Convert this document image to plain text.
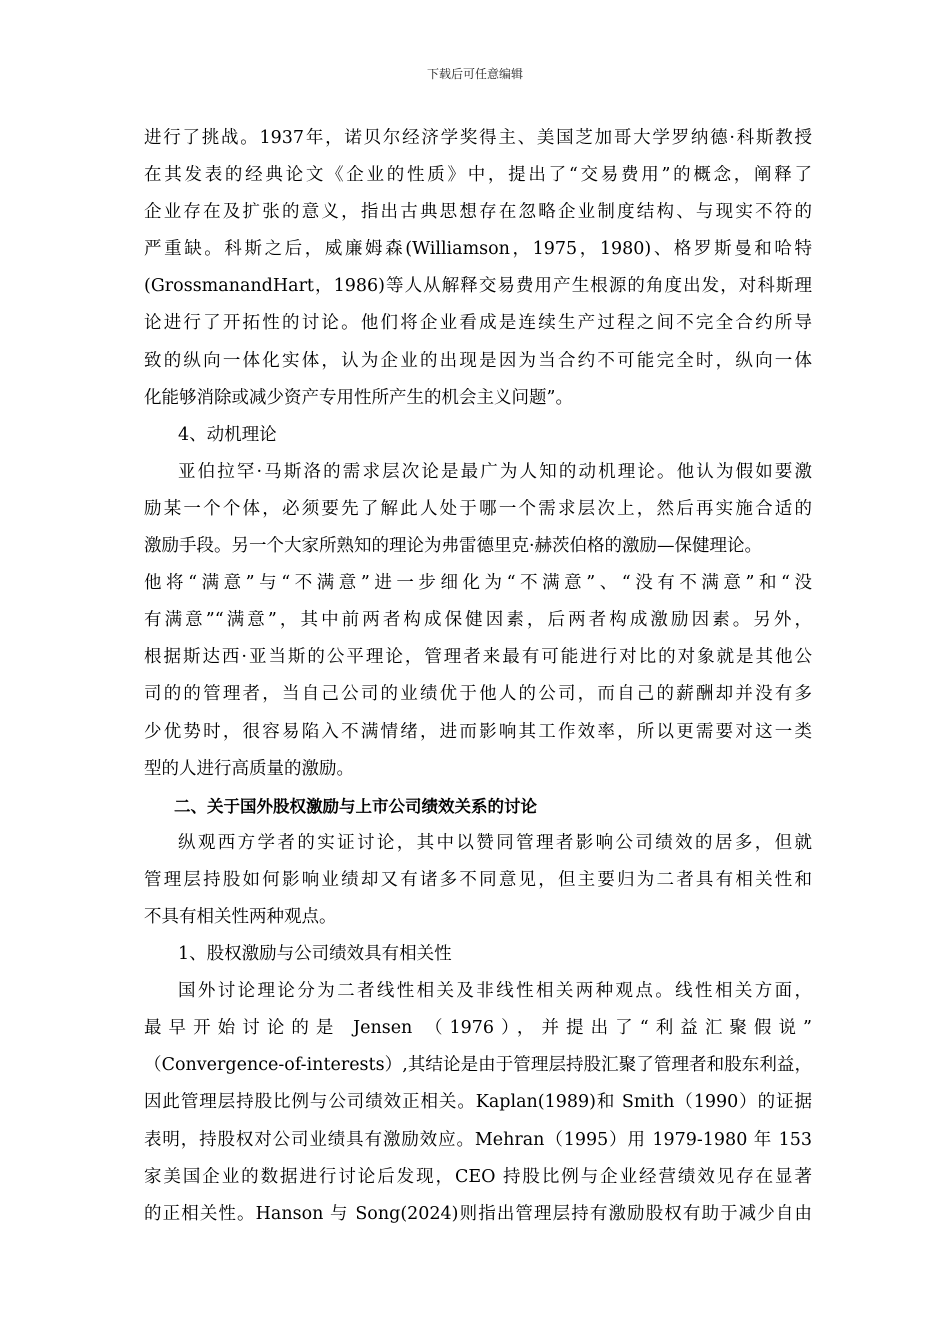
下载后可任意编辑
进行了挑战。1937年，诺贝尔经济学奖得主、美国芝加哥大学罗纳德·科斯教授
在其发表的经典论文《企业的性质》中，提出了“交易费用”的概念，阐释了
企业存在及扩张的意义，指出古典思想存在忽略企业制度结构、与现实不符的
严重缺。科斯之后，威廉姆森(Williamson，1975，1980)、格罗斯曼和哈特
(GrossmanandHart，1986)等人从解释交易费用产生根源的角度出发，对科斯理
论进行了开拓性的讨论。他们将企业看成是连续生产过程之间不完全合约所导
致的纵向一体化实体，认为企业的出现是因为当合约不可能完全时，纵向一体
化能够消除或减少资产专用性所产生的机会主义问题”。
4、动机理论
亚伯拉罕·马斯洛的需求层次论是最广为人知的动机理论。他认为假如要激
励某一个个体，必须要先了解此人处于哪一个需求层次上，然后再实施合适的
激励手段。另一个大家所熟知的理论为弗雷德里克·赫茨伯格的激励—保健理论。
他将“满意”与“不满意”进一步细化为“不满意”、“没有不满意”和“没
有满意”“满意”，其中前两者构成保健因素，后两者构成激励因素。另外，
根据斯达西·亚当斯的公平理论，管理者来最有可能进行对比的对象就是其他公
司的的管理者，当自己公司的业绩优于他人的公司，而自己的薪酬却并没有多
少优势时，很容易陷入不满情绪，进而影响其工作效率，所以更需要对这一类
型的人进行高质量的激励。
二、关于国外股权激励与上市公司绩效关系的讨论
纵观西方学者的实证讨论，其中以赞同管理者影响公司绩效的居多，但就
管理层持股如何影响业绩却又有诸多不同意见，但主要归为二者具有相关性和
不具有相关性两种观点。
1、股权激励与公司绩效具有相关性
国外讨论理论分为二者线性相关及非线性相关两种观点。线性相关方面，
最早开始讨论的是 Jensen （1976），并提出了“利益汇聚假说”
（Convergence-of-interests）,其结论是由于管理层持股汇聚了管理者和股东利益，
因此管理层持股比例与公司绩效正相关。Kaplan(1989)和 Smith（1990）的证据
表明，持股权对公司业绩具有激励效应。Mehran（1995）用 1979-1980 年 153
家美国企业的数据进行讨论后发现，CEO 持股比例与企业经营绩效见存在显著
的正相关性。Hanson 与 Song(2024)则指出管理层持有激励股权有助于减少自由
